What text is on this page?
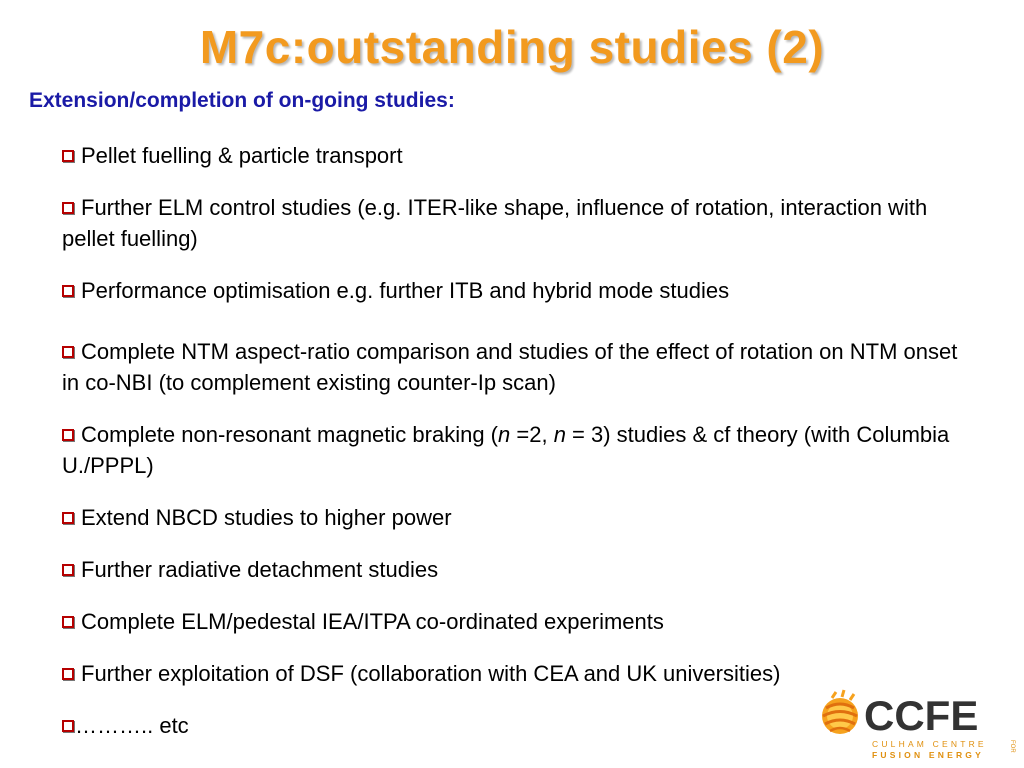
M7c:outstanding studies (2)
Extension/completion of on-going studies:
Pellet fuelling & particle transport
Further ELM control studies (e.g. ITER-like shape, influence of rotation, interaction with pellet fuelling)
Performance optimisation e.g. further ITB and hybrid mode studies
Complete NTM aspect-ratio comparison and studies of the effect of rotation on NTM onset in co-NBI (to complement existing counter-Ip scan)
Complete non-resonant magnetic braking (n =2, n = 3) studies & cf theory (with Columbia U./PPPL)
Extend NBCD studies to higher power
Further radiative detachment studies
Complete ELM/pedestal IEA/ITPA co-ordinated experiments
Further exploitation of DSF (collaboration with CEA and UK universities)
……….. etc	CCFE
CULHAM CENTRE
FUSION ENERGY
FOR
